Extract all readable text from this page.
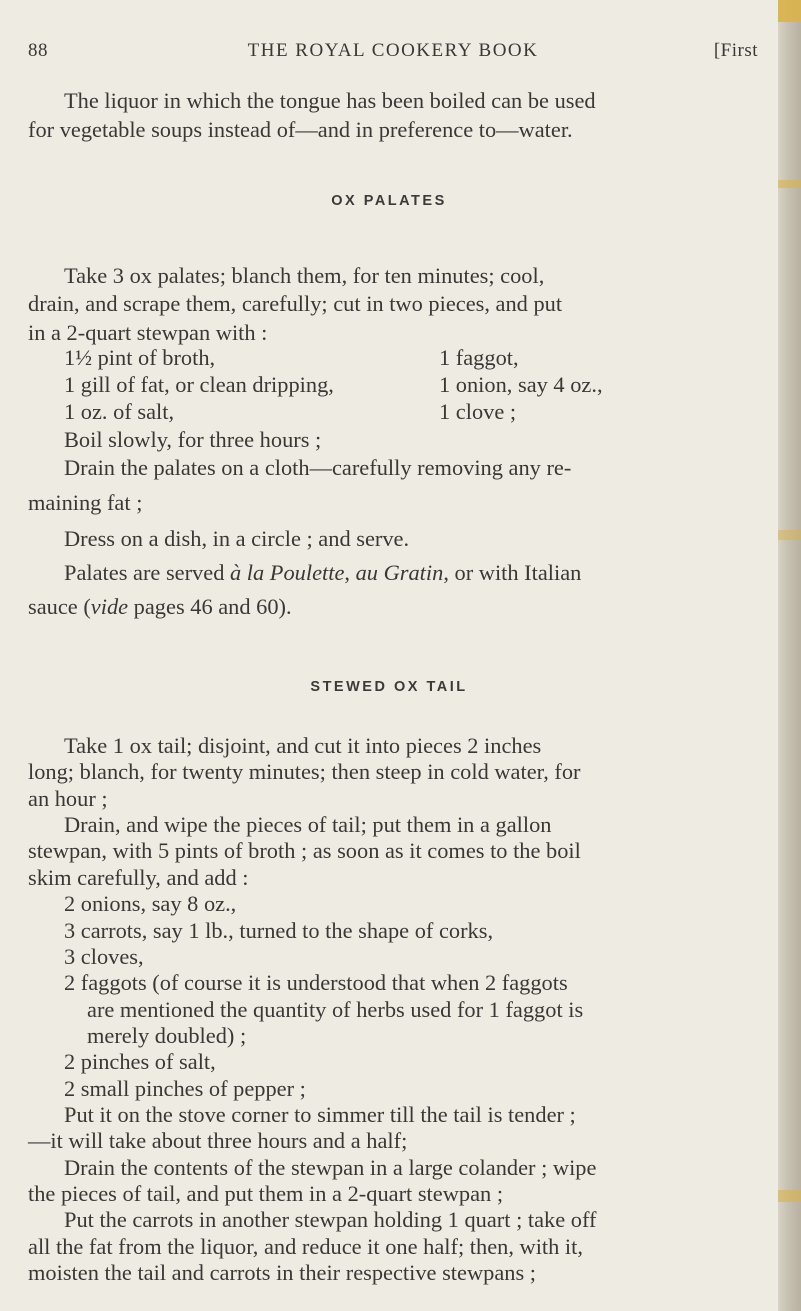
88	THE ROYAL COOKERY BOOK	[First
The liquor in which the tongue has been boiled can be used
for vegetable soups instead of—and in preference to—water.
OX PALATES
Take 3 ox palates; blanch them, for ten minutes; cool,
drain, and scrape them, carefully; cut in two pieces, and put
in a 2-quart stewpan with :
1½ pint of broth,
1 gill of fat, or clean dripping,
1 oz. of salt,
1 faggot,
1 onion, say 4 oz.,
1 clove ;
Boil slowly, for three hours ;
Drain the palates on a cloth—carefully removing any re-
maining fat ;
Dress on a dish, in a circle ; and serve.
Palates are served à la Poulette, au Gratin, or with Italian
sauce (vide pages 46 and 60).
STEWED OX TAIL
Take 1 ox tail; disjoint, and cut it into pieces 2 inches
long; blanch, for twenty minutes; then steep in cold water, for
an hour ;
Drain, and wipe the pieces of tail; put them in a gallon
stewpan, with 5 pints of broth ; as soon as it comes to the boil
skim carefully, and add :
2 onions, say 8 oz.,
3 carrots, say 1 lb., turned to the shape of corks,
3 cloves,
2 faggots (of course it is understood that when 2 faggots
are mentioned the quantity of herbs used for 1 faggot is
merely doubled) ;
2 pinches of salt,
2 small pinches of pepper ;
Put it on the stove corner to simmer till the tail is tender ;
—it will take about three hours and a half;
Drain the contents of the stewpan in a large colander ; wipe
the pieces of tail, and put them in a 2-quart stewpan ;
Put the carrots in another stewpan holding 1 quart ; take off
all the fat from the liquor, and reduce it one half; then, with it,
moisten the tail and carrots in their respective stewpans ;
